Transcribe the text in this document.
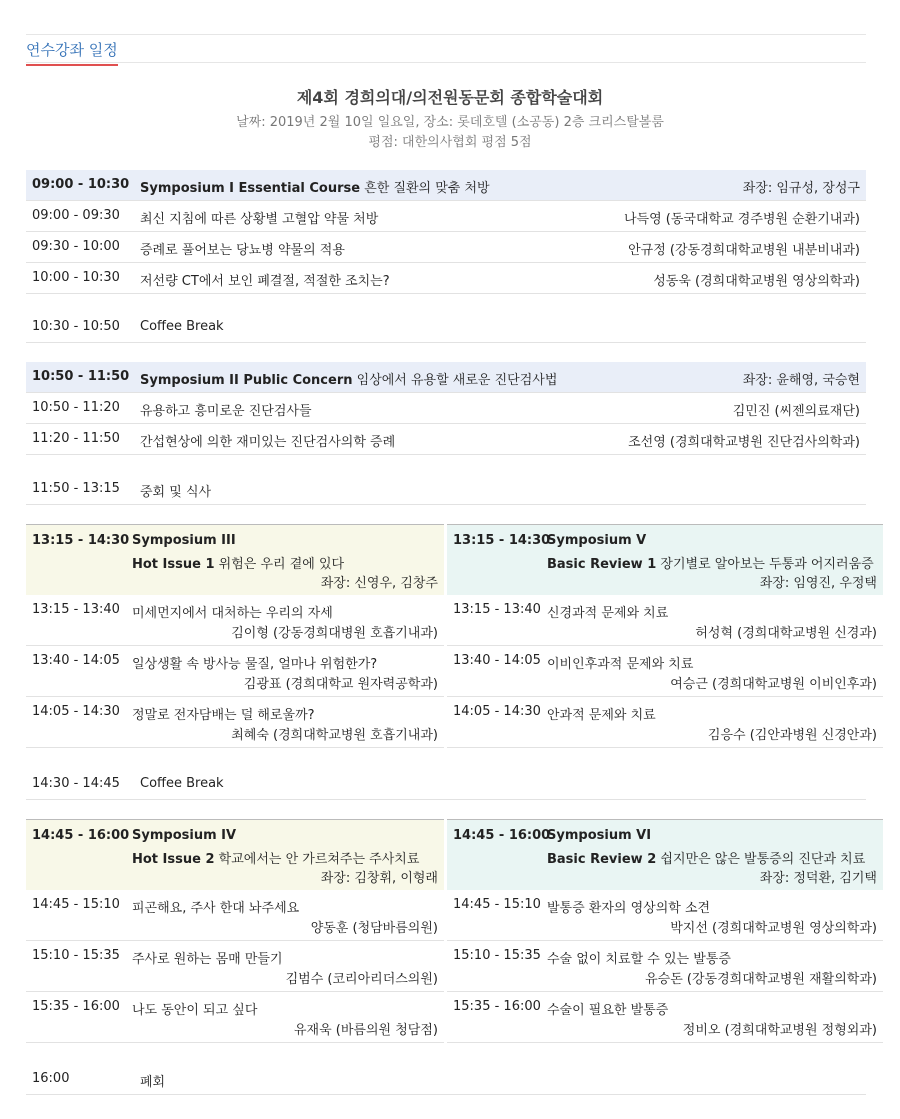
연수강좌 일정
제4회 경희의대/의전원동문회 종합학술대회
날짜: 2019년 2월 10일 일요일, 장소: 롯데호텔 (소공동) 2층 크리스탈볼룸
평점: 대한의사협회 평점 5점
09:00 - 10:30 Symposium I Essential Course 흔한 질환의 맞춤 처방	좌장: 임규성, 장성구
09:00 - 09:30 최신 지침에 따른 상황별 고혈압 약물 처방	나득영 (동국대학교 경주병원 순환기내과)
09:30 - 10:00 증례로 풀어보는 당뇨병 약물의 적용	안규정 (강동경희대학교병원 내분비내과)
10:00 - 10:30 저선량 CT에서 보인 폐결절, 적절한 조치는?	성동욱 (경희대학교병원 영상의학과)
10:30 - 10:50 Coffee Break
10:50 - 11:50 Symposium II Public Concern 임상에서 유용할 새로운 진단검사법	좌장: 윤해영, 국승현
10:50 - 11:20 유용하고 흥미로운 진단검사들	김민진 (씨젠의료재단)
11:20 - 11:50 간섭현상에 의한 재미있는 진단검사의학 증례	조선영 (경희대학교병원 진단검사의학과)
11:50 - 13:15 중회 및 식사
14:30 - 14:45 Coffee Break
16:00	폐회
13:15 - 14:30 Symposium III
Hot Issue 1 위험은 우리 곁에 있다
좌장: 신영우, 김창주
13:15 - 13:40 미세먼지에서 대처하는 우리의 자세
김이형 (강동경희대병원 호흡기내과)
13:40 - 14:05 일상생활 속 방사능 물질, 얼마나 위험한가?
김광표 (경희대학교 원자력공학과)
14:05 - 14:30 정말로 전자담배는 덜 해로울까?
최혜숙 (경희대학교병원 호흡기내과)
13:15 - 14:30
Symposium V
Basic Review 1 장기별로 알아보는 두통과 어지러움증
좌장: 임영진, 우정택
13:15 - 13:40 신경과적 문제와 치료
허성혁 (경희대학교병원 신경과)
13:40 - 14:05 이비인후과적 문제와 치료
여승근 (경희대학교병원 이비인후과)
14:05 - 14:30 안과적 문제와 치료
김응수 (김안과병원 신경안과)
14:45 - 16:00 Symposium IV
Hot Issue 2 학교에서는 안 가르쳐주는 주사치료
좌장: 김창휘, 이형래
14:45 - 15:10 피곤해요, 주사 한대 놔주세요
양동훈 (청담바름의원)
15:10 - 15:35 주사로 원하는 몸매 만들기
김범수 (코리아리더스의원)
15:35 - 16:00 나도 동안이 되고 싶다
유재욱 (바름의원 청담점)
14:45 - 16:00
Symposium VI
Basic Review 2 쉽지만은 않은 발통증의 진단과 치료
좌장: 정덕환, 김기택
14:45 - 15:10 발통증 환자의 영상의학 소견
박지선 (경희대학교병원 영상의학과)
15:10 - 15:35 수술 없이 치료할 수 있는 발통증
유승돈 (강동경희대학교병원 재활의학과)
15:35 - 16:00 수술이 필요한 발통증
정비오 (경희대학교병원 정형외과)
